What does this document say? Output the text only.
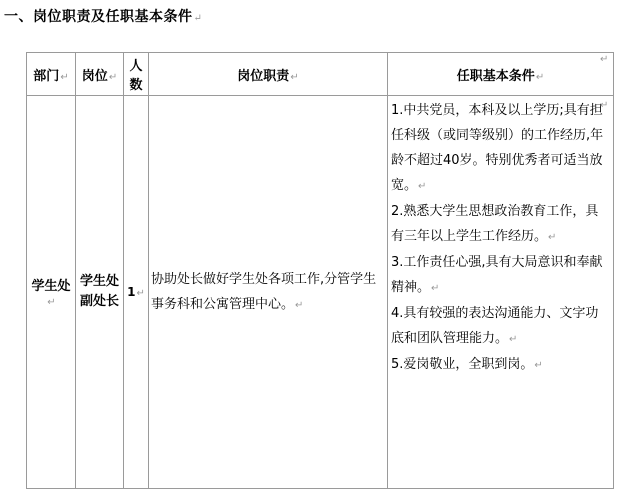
一、岗位职责及任职基本条件↵
部门↵	岗位↵	人数	岗位职责↵	任职基本条件↵
学生处↵	学生处副处长	1↵	协助处长做好学生处各项工作,分管学生事务科和公寓管理中心。↵	1.中共党员，本科及以上学历;具有担任科级（或同等级别）的工作经历,年龄不超过40岁。特别优秀者可适当放宽。↵

2.熟悉大学生思想政治教育工作，具有三年以上学生工作经历。↵

3.工作责任心强,具有大局意识和奉献精神。↵

4.具有较强的表达沟通能力、文字功底和团队管理能力。↵

5.爱岗敬业，全职到岗。↵

↵
↵
